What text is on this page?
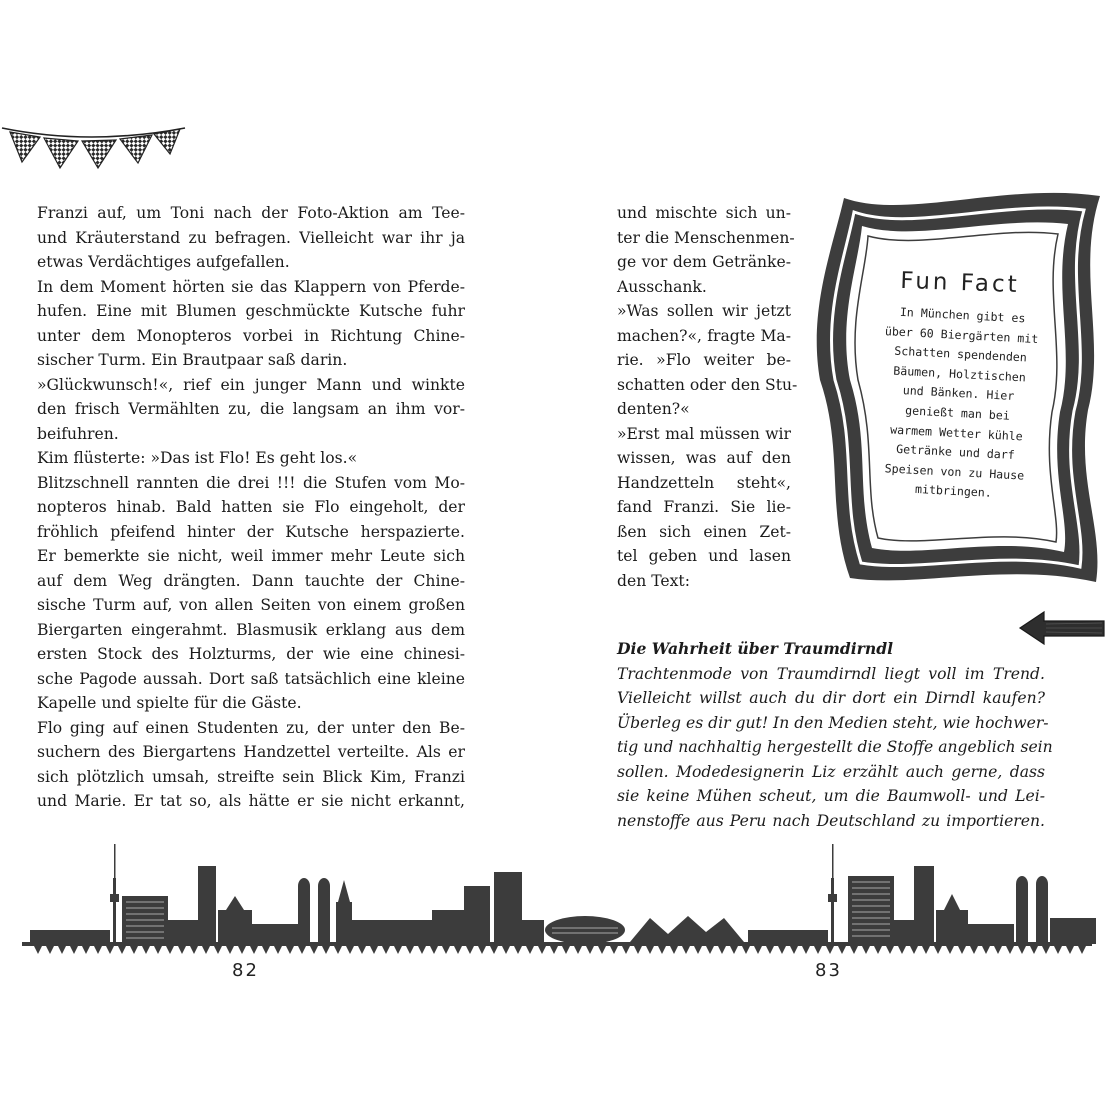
Franzi auf, um Toni nach der Foto-Aktion am Tee-
und Kräuterstand zu befragen. Vielleicht war ihr ja
etwas Verdächtiges aufgefallen.
In dem Moment hörten sie das Klappern von Pferde-
hufen. Eine mit Blumen geschmückte Kutsche fuhr
unter dem Monopteros vorbei in Richtung Chine-
sischer Turm. Ein Brautpaar saß darin.
»Glückwunsch!«, rief ein junger Mann und winkte
den frisch Vermählten zu, die langsam an ihm vor-
beifuhren.
Kim flüsterte: »Das ist Flo! Es geht los.«
Blitzschnell rannten die drei !!! die Stufen vom Mo-
nopteros hinab. Bald hatten sie Flo eingeholt, der
fröhlich pfeifend hinter der Kutsche herspazierte.
Er bemerkte sie nicht, weil immer mehr Leute sich
auf dem Weg drängten. Dann tauchte der Chine-
sische Turm auf, von allen Seiten von einem großen
Biergarten eingerahmt. Blasmusik erklang aus dem
ersten Stock des Holzturms, der wie eine chinesi-
sche Pagode aussah. Dort saß tatsächlich eine kleine
Kapelle und spielte für die Gäste.
Flo ging auf einen Studenten zu, der unter den Be-
suchern des Biergartens Handzettel verteilte. Als er
sich plötzlich umsah, streifte sein Blick Kim, Franzi
und Marie. Er tat so, als hätte er sie nicht erkannt,
und mischte sich un-
ter die Menschenmen-
ge vor dem Getränke-
Ausschank.
»Was sollen wir jetzt
machen?«, fragte Ma-
rie. »Flo weiter be-
schatten oder den Stu-
denten?«
»Erst mal müssen wir
wissen, was auf den
Handzetteln steht«,
fand Franzi. Sie lie-
ßen sich einen Zet-
tel geben und lasen
den Text:
Fun Fact
In München gibt es
über 60 Biergärten mit
Schatten spendenden
Bäumen, Holztischen
und Bänken. Hier
genießt man bei
warmem Wetter kühle
Getränke und darf
Speisen von zu Hause
mitbringen.
Die Wahrheit über Traumdirndl
Trachtenmode von Traumdirndl liegt voll im Trend.
Vielleicht willst auch du dir dort ein Dirndl kaufen?
Überleg es dir gut! In den Medien steht, wie hochwer-
tig und nachhaltig hergestellt die Stoffe angeblich sein
sollen. Modedesignerin Liz erzählt auch gerne, dass
sie keine Mühen scheut, um die Baumwoll- und Lei-
nenstoffe aus Peru nach Deutschland zu importieren.
82	83
